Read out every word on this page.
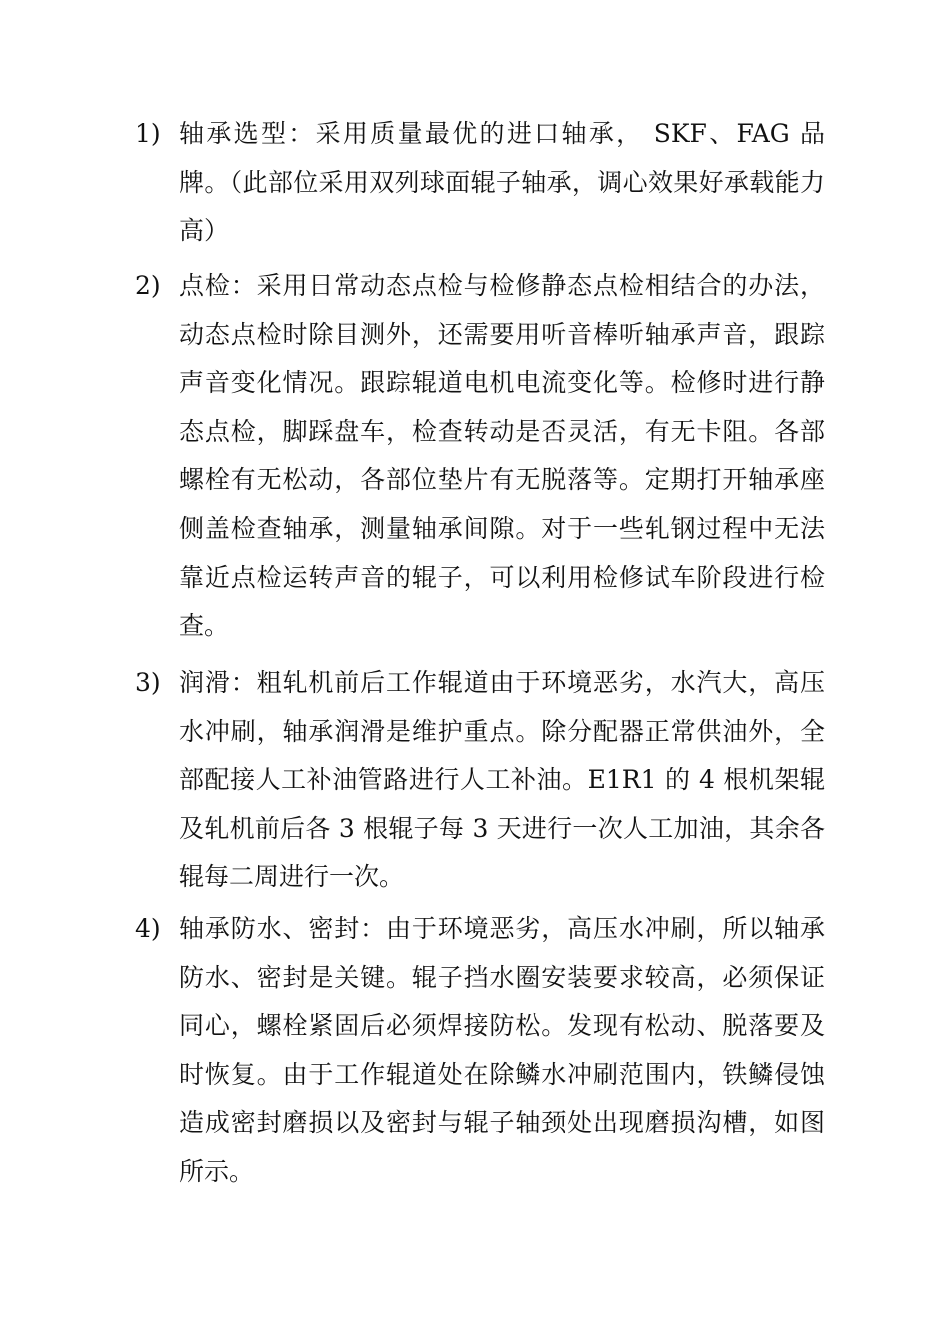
1) 轴承选型：采用质量最优的进口轴承， SKF、FAG 品牌。（此部位采用双列球面辊子轴承，调心效果好承载能力高）
2) 点检：采用日常动态点检与检修静态点检相结合的办法，动态点检时除目测外，还需要用听音棒听轴承声音，跟踪声音变化情况。跟踪辊道电机电流变化等。检修时进行静态点检，脚踩盘车，检查转动是否灵活，有无卡阻。各部螺栓有无松动，各部位垫片有无脱落等。定期打开轴承座侧盖检查轴承，测量轴承间隙。对于一些轧钢过程中无法靠近点检运转声音的辊子，可以利用检修试车阶段进行检查。
3) 润滑：粗轧机前后工作辊道由于环境恶劣，水汽大，高压水冲刷，轴承润滑是维护重点。除分配器正常供油外，全部配接人工补油管路进行人工补油。E1R1 的 4 根机架辊及轧机前后各 3 根辊子每 3 天进行一次人工加油，其余各辊每二周进行一次。
4) 轴承防水、密封：由于环境恶劣，高压水冲刷，所以轴承防水、密封是关键。辊子挡水圈安装要求较高，必须保证同心，螺栓紧固后必须焊接防松。发现有松动、脱落要及时恢复。由于工作辊道处在除鳞水冲刷范围内，铁鳞侵蚀造成密封磨损以及密封与辊子轴颈处出现磨损沟槽，如图所示。
